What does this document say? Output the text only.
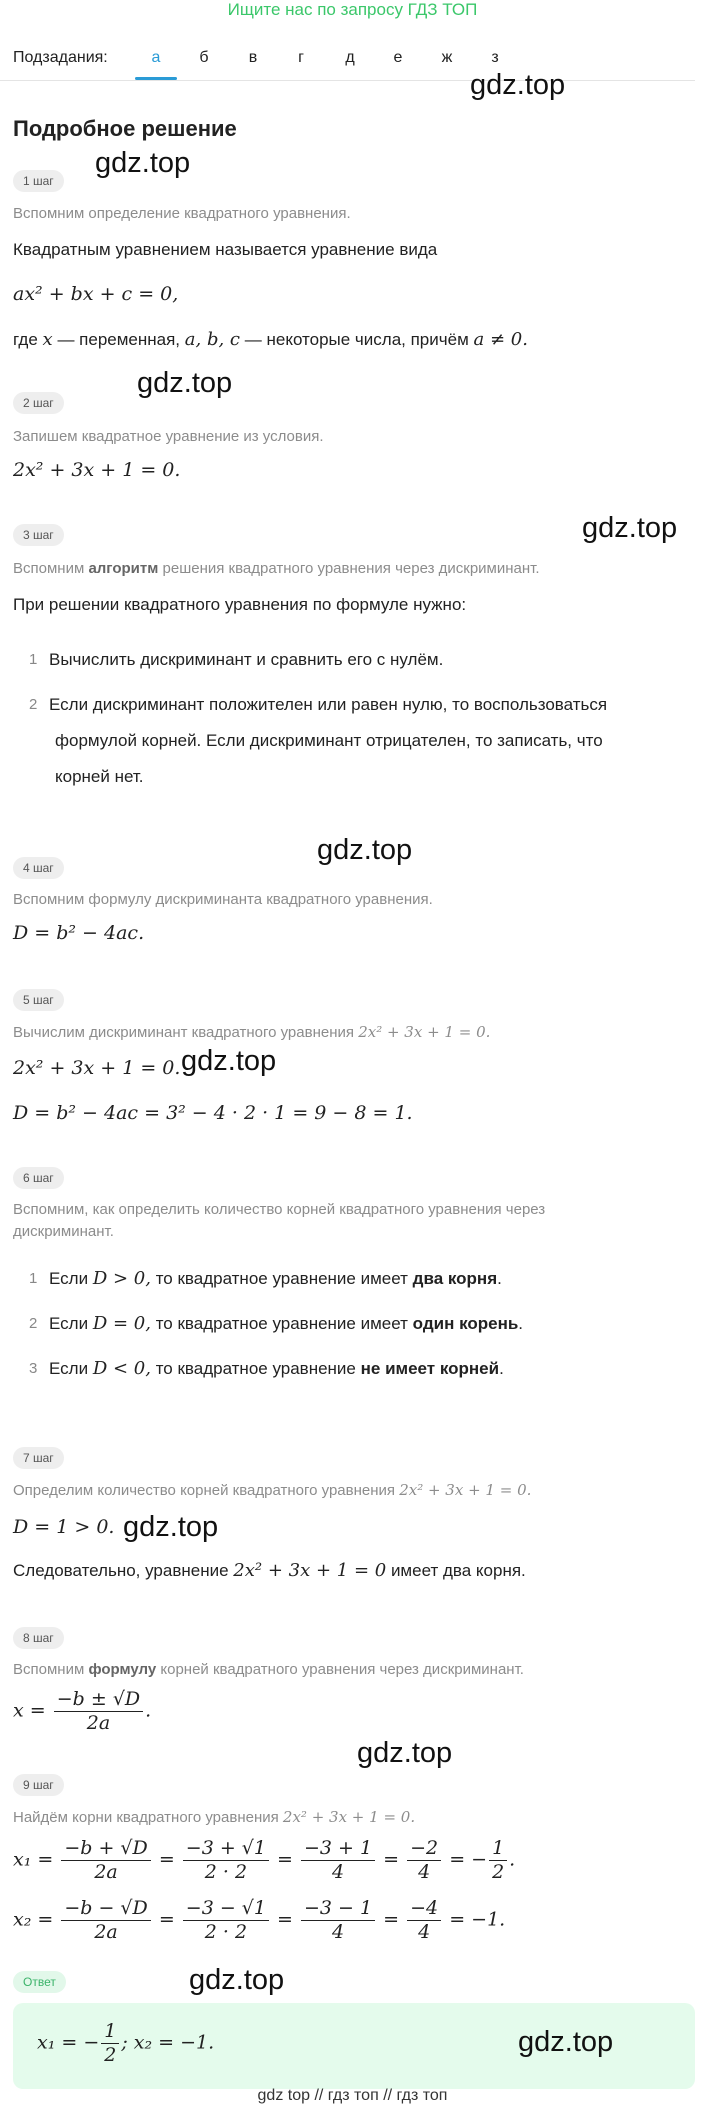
Ищите нас по запросу ГДЗ ТОП
Подзадания:	а	б	в	г	д	е	ж	з
gdz.top
Подробное решение
1 шаг
gdz.top
Вспомним определение квадратного уравнения.
Квадратным уравнением называется уравнение вида
ax² + bx + c = 0,
где x — переменная, a, b, c — некоторые числа, причём a ≠ 0.
2 шаг
gdz.top
Запишем квадратное уравнение из условия.
2x² + 3x + 1 = 0.
3 шаг	gdz.top
Вспомним алгоритм решения квадратного уравнения через дискриминант.
При решении квадратного уравнения по формуле нужно:
1 Вычислить дискриминант и сравнить его с нулём.
2 Если дискриминант положителен или равен нулю, то воспользоваться
формулой корней. Если дискриминант отрицателен, то записать, что
корней нет.
gdz.top
4 шаг
Вспомним формулу дискриминанта квадратного уравнения.
D = b² − 4ac.
5 шаг
Вычислим дискриминант квадратного уравнения 2x² + 3x + 1 = 0.
2x² + 3x + 1 = 0. gdz.top
D = b² − 4ac = 3² − 4 · 2 · 1 = 9 − 8 = 1.
6 шаг
Вспомним, как определить количество корней квадратного уравнения через
дискриминант.
1 Если D > 0, то квадратное уравнение имеет два корня.
2 Если D = 0, то квадратное уравнение имеет один корень.
3 Если D < 0, то квадратное уравнение не имеет корней.
7 шаг
Определим количество корней квадратного уравнения 2x² + 3x + 1 = 0.
D = 1 > 0. gdz.top
Следовательно, уравнение 2x² + 3x + 1 = 0 имеет два корня.
8 шаг
Вспомним формулу корней квадратного уравнения через дискриминант.
$x = \frac{-b \pm √D}{2a}$ .
gdz.top
9 шаг
Найдём корни квадратного уравнения 2x² + 3x + 1 = 0.
$x_1 = \frac{-b + √D}{2a} = \frac{-3 + √1}{2 \cdot 2} = \frac{-3 + 1}{4} = \frac{-2}{4}$ = − $\frac{1}{2}$ .
$x_2 = \frac{-b - √D}{2a} = \frac{-3 - √1}{2 \cdot 2} = \frac{-3 - 1}{4} = \frac{-4}{4} = -1$.
Ответ	gdz.top
x₁ = − $\frac{1}{2}$ ; x₂ = −1.	gdz.top
gdz top // гдз топ // гдз топ
